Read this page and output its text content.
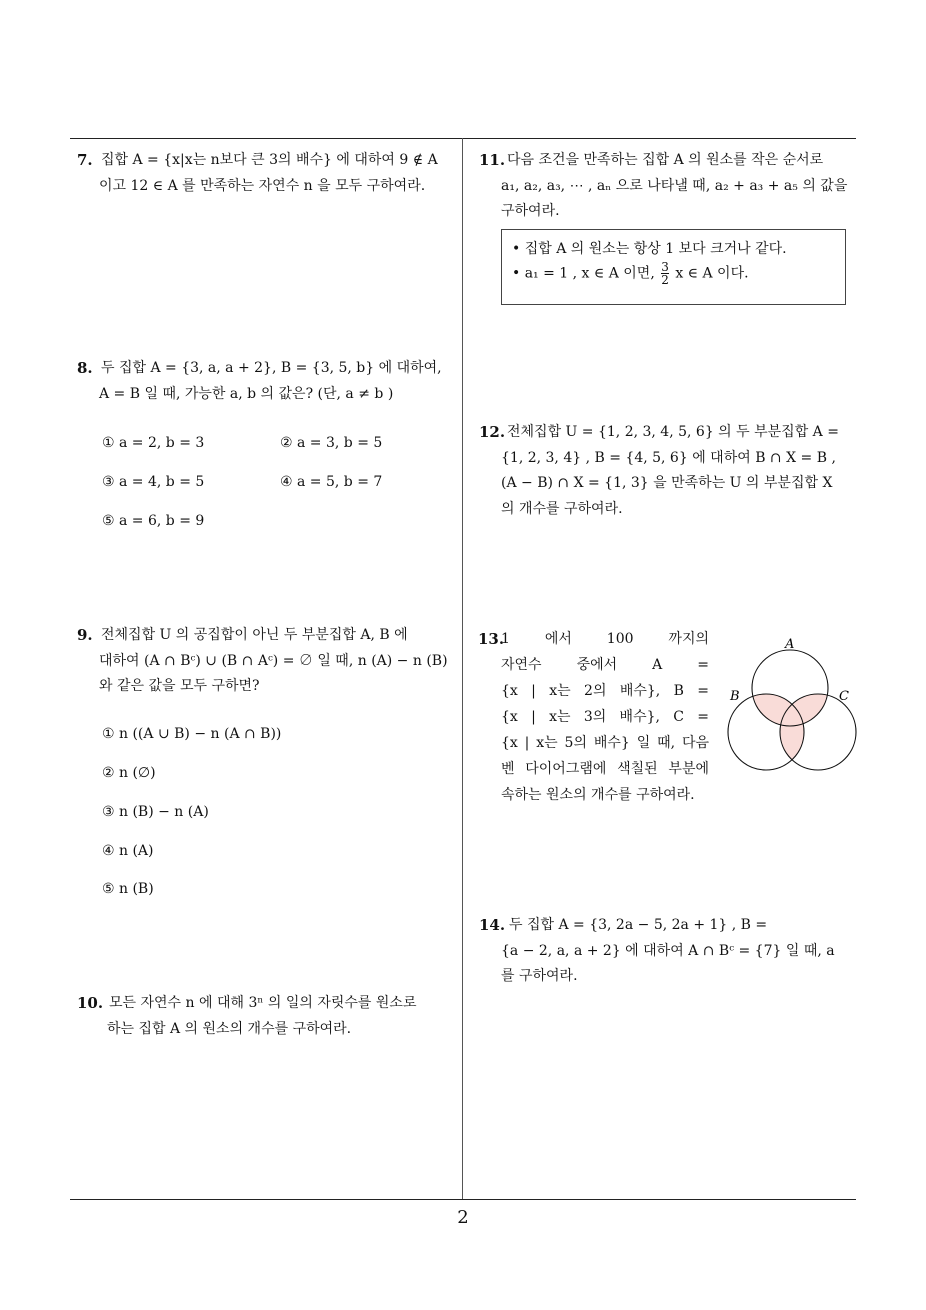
7. 집합 A = {x|x는 n보다 큰 3의 배수} 에 대하여 9 ∉ A
이고 12 ∈ A 를 만족하는 자연수 n 을 모두 구하여라.
8. 두 집합 A = {3, a, a + 2}, B = {3, 5, b} 에 대하여,
A = B 일 때, 가능한 a, b 의 값은? (단, a ≠ b )
① a = 2, b = 3	② a = 3, b = 5
③ a = 4, b = 5	④ a = 5, b = 7
⑤ a = 6, b = 9
9. 전체집합 U 의 공집합이 아닌 두 부분집합 A, B 에
대하여 (A ∩ Bᶜ) ∪ (B ∩ Aᶜ) = ∅ 일 때, n (A) − n (B)
와 같은 값을 모두 구하면?
① n ((A ∪ B) − n (A ∩ B))
② n (∅)
③ n (B) − n (A)
④ n (A)
⑤ n (B)
10. 모든 자연수 n 에 대해 3ⁿ 의 일의 자릿수를 원소로
하는 집합 A 의 원소의 개수를 구하여라.
11. 다음 조건을 만족하는 집합 A 의 원소를 작은 순서로
a₁, a₂, a₃, ⋯ , aₙ 으로 나타낼 때, a₂ + a₃ + a₅ 의 값을
구하여라.
• 집합 A 의 원소는 항상 1 보다 크거나 같다.
• a₁ = 1 , x ∈ A 이면, $\frac{3}{2}$ x ∈ A 이다.
12. 전체집합 U = {1, 2, 3, 4, 5, 6} 의 두 부분집합 A =
{1, 2, 3, 4} , B = {4, 5, 6} 에 대하여 B ∩ X = B ,
(A − B) ∩ X = {1, 3} 을 만족하는 U 의 부분집합 X
의 개수를 구하여라.
13.
1 에서 100 까지의
자연수 중에서 A =
{x | x는 2의 배수}, B =
{x | x는 3의 배수}, C =
{x | x는 5의 배수} 일 때, 다음
벤 다이어그램에 색칠된 부분에
속하는 원소의 개수를 구하여라.
A
B	C
14. 두 집합 A = {3, 2a − 5, 2a + 1} , B =
{a − 2, a, a + 2} 에 대하여 A ∩ Bᶜ = {7} 일 때, a
를 구하여라.
2
